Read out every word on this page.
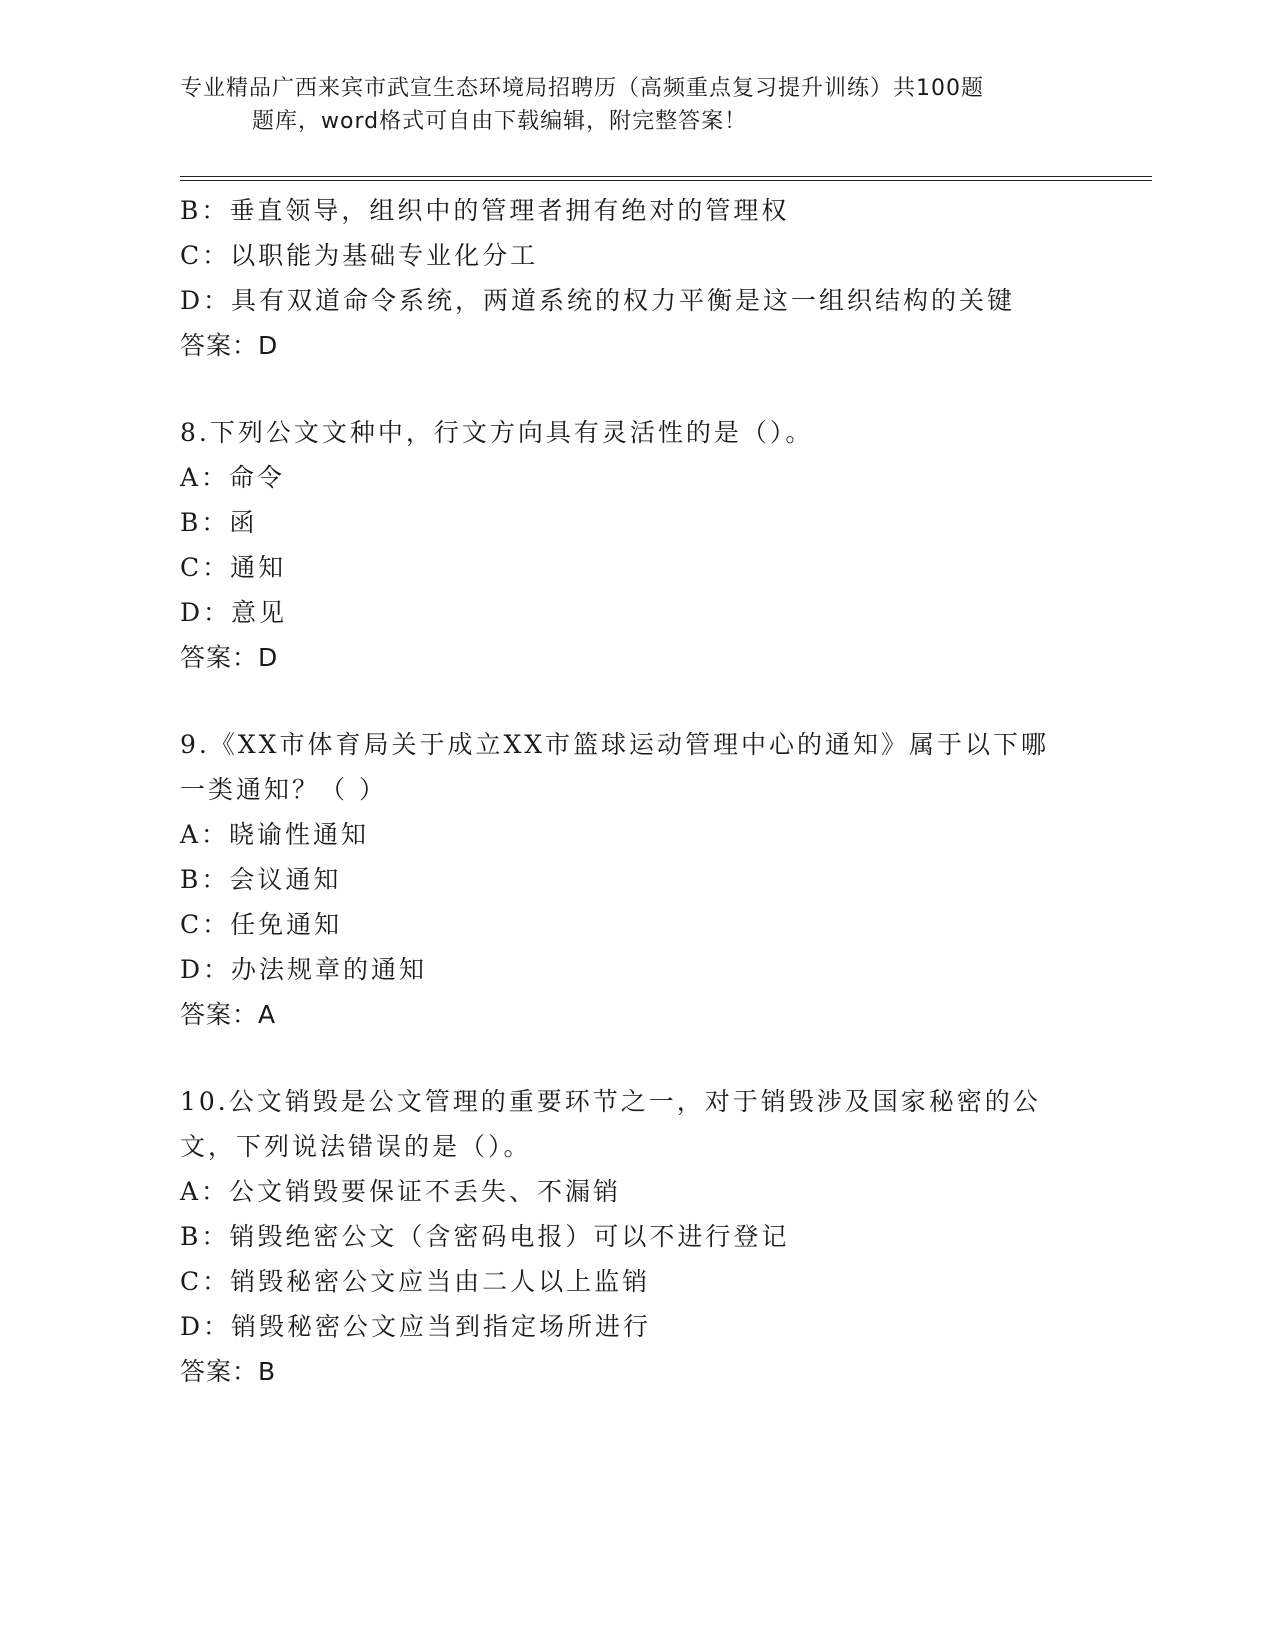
专业精品广西来宾市武宣生态环境局招聘历（高频重点复习提升训练）共100题
题库，word格式可自由下载编辑，附完整答案！
B：垂直领导，组织中的管理者拥有绝对的管理权
C：以职能为基础专业化分工
D：具有双道命令系统，两道系统的权力平衡是这一组织结构的关键
答案：D
8.下列公文文种中，行文方向具有灵活性的是（）。
A：命令
B：函
C：通知
D：意见
答案：D
9.《XX市体育局关于成立XX市篮球运动管理中心的通知》属于以下哪一类通知？（ ）
A：晓谕性通知
B：会议通知
C：任免通知
D：办法规章的通知
答案：A
10.公文销毁是公文管理的重要环节之一，对于销毁涉及国家秘密的公文，下列说法错误的是（）。
A：公文销毁要保证不丢失、不漏销
B：销毁绝密公文（含密码电报）可以不进行登记
C：销毁秘密公文应当由二人以上监销
D：销毁秘密公文应当到指定场所进行
答案：B
